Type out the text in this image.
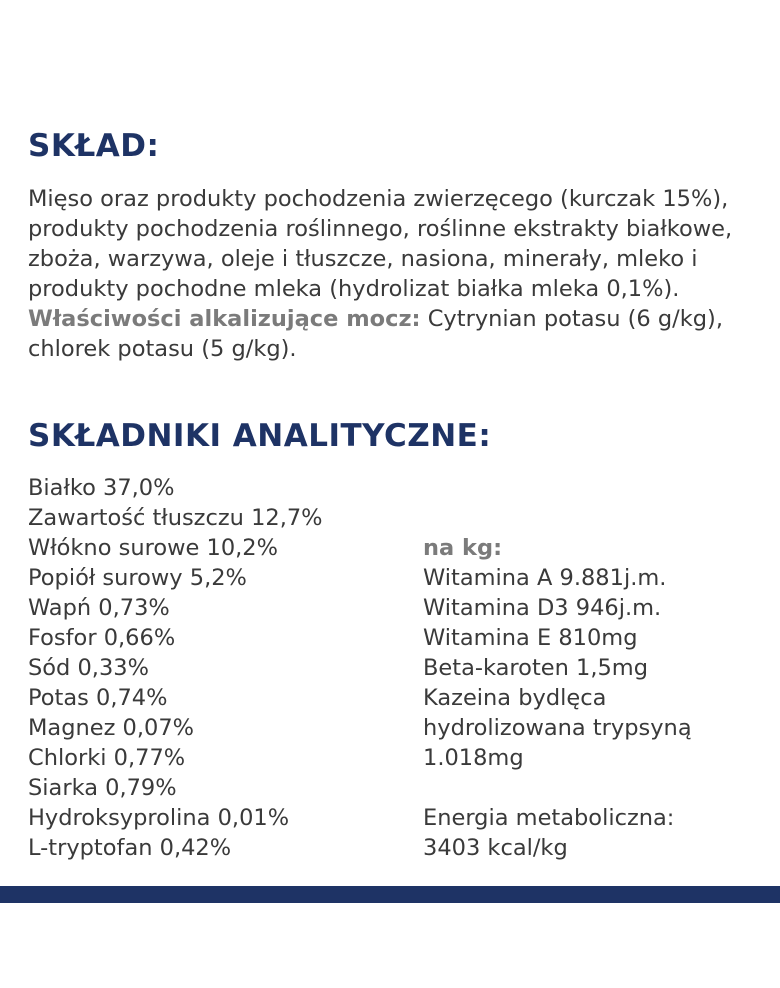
SKŁAD:

Mięso oraz produkty pochodzenia zwierzęcego (kurczak 15%), produkty pochodzenia roślinnego, roślinne ekstrakty białkowe, zboża, warzywa, oleje i tłuszcze, nasiona, minerały, mleko i produkty pochodne mleka (hydrolizat białka mleka 0,1%). Właściwości alkalizujące mocz: Cytrynian potasu (6 g/kg), chlorek potasu (5 g/kg).

SKŁADNIKI ANALITYCZNE:
Białko 37,0%
Zawartość tłuszczu 12,7%
Włókno surowe 10,2%
Popiół surowy 5,2%
Wapń 0,73%
Fosfor 0,66%
Sód 0,33%
Potas 0,74%
Magnez 0,07%
Chlorki 0,77%
Siarka 0,79%
Hydroksyprolina 0,01%
L-tryptofan 0,42%
na kg:
Witamina A 9.881j.m.
Witamina D3 946j.m.
Witamina E 810mg
Beta-karoten 1,5mg
Kazeina bydlęca
hydrolizowana trypsyną
1.018mg
Energia metaboliczna:
3403 kcal/kg
